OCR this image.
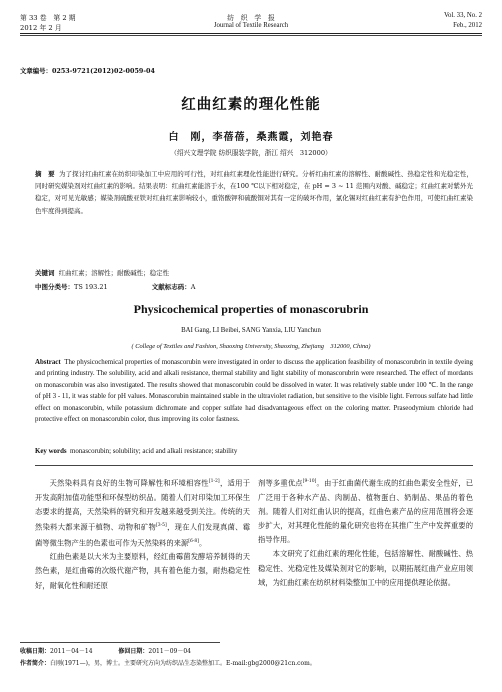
第 33 卷　第 2 期
2012 年 2 月
纺　织　学　报
Journal of Textile Research
Vol. 33, No. 2
Feb., 2012
文章编号：0253-9721(2012)02-0059-04
红曲红素的理化性能
白　刚，李蓓蓓，桑燕霞，刘艳春
（绍兴文理学院 纺织服装学院，浙江 绍兴　312000）
摘　要 为了探讨红曲红素在纺织印染加工中应用的可行性，对红曲红素理化性能进行研究。分析红曲红素的溶解性、耐酸碱性、热稳定性和光稳定性，同时研究媒染剂对红曲红素的影响。结果表明：红曲红素能溶于水，在100 ℃以下相对稳定，在 pH = 3 ~ 11 范围内对酸、碱稳定；红曲红素对紫外光稳定，对可见光敏感；媒染剂硫酸亚铁对红曲红素影响较小，重铬酸钾和硫酸铜对其有一定的破坏作用，氯化锡对红曲红素有护色作用，可使红曲红素染色牢度得到提高。
关键词 红曲红素；溶解性；耐酸碱性；稳定性
中图分类号：TS 193.21	文献标志码：A
Physicochemical properties of monascorubrin
BAI Gang, LI Beibei, SANG Yanxia, LIU Yanchun
( College of Textiles and Fashion, Shaoxing University, Shaoxing, Zhejiang　312000, China)
Abstract The physicochemical properties of monascorubin were investigated in order to discuss the application feasibility of monascorubrin in textile dyeing and printing industry. The solubility, acid and alkali resistance, thermal stability and light stability of monascorubrin were researched. The effect of mordants on monascorubin was also investigated. The results showed that monascorubin could be dissolved in water. It was relatively stable under 100 ℃. In the range of pH 3 - 11, it was stable for pH values. Monascorubin maintained stable in the ultraviolet radiation, but sensitive to the visible light. Ferrous sulfate had little effect on monascorubin, while potassium dichromate and copper sulfate had disadvantageous effect on the coloring matter. Praseodymium chloride had protective effect on monascorubin color, thus improving its color fastness.
Key words monascorubin; solubility; acid and alkali resistance; stability

天然染料具有良好的生物可降解性和环境相容性[1-2]，适用于开发高附加值功能型和环保型纺织品。随着人们对印染加工环保生态要求的提高，天然染料的研究和开发越来越受到关注。传统的天然染料大都来源于植物、动物和矿物[3-5]，现在人们发现真菌、霉菌等微生物产生的色素也可作为天然染料的来源[6-8]。

红曲色素是以大米为主要原料，经红曲霉菌发酵培养制得的天然色素，是红曲霉的次级代谢产物，具有着色能力强，耐热稳定性好，耐氧化性和耐还原

剂等多重优点[9-10]。由于红曲菌代谢生成的红曲色素安全性好，已广泛用于各种水产品、肉制品、植物蛋白、奶制品、果品的着色剂。随着人们对红曲认识的提高，红曲色素产品的应用范围将会逐步扩大，对其理化性能的量化研究也将在其推广生产中发挥重要的指导作用。

本文研究了红曲红素的理化性能，包括溶解性、耐酸碱性、热稳定性、光稳定性及媒染剂对它的影响，以期拓展红曲产业应用领域，为红曲红素在纺织材料染整加工中的应用提供理论依据。

收稿日期：2011－04－14	修回日期：2011－09－04
作者简介：白刚(1971—)，男，博士。主要研究方向为纺织品生态染整加工。E-mail:gbg2000@21cn.com。
